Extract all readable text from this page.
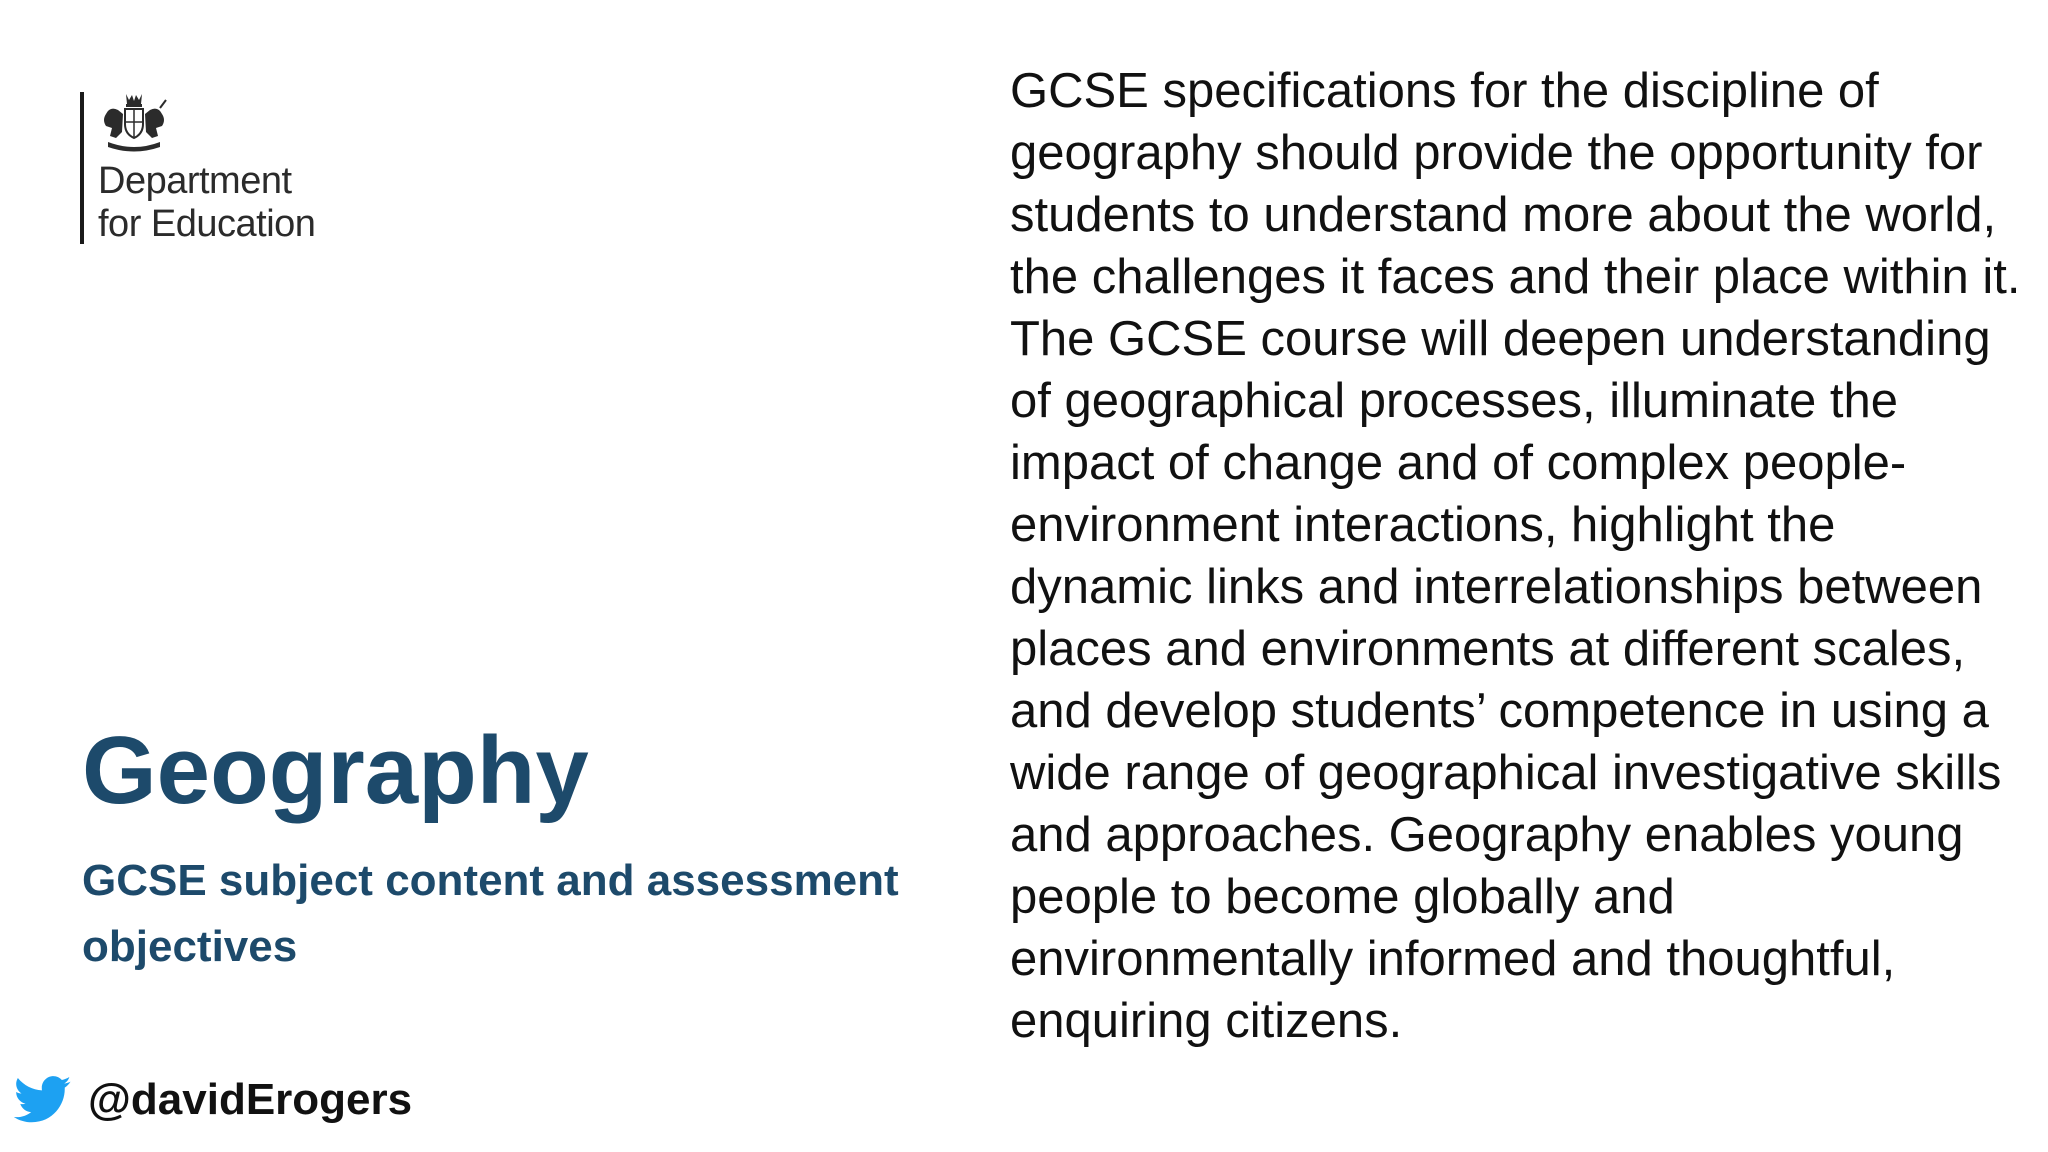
Department
for Education
Geography

GCSE subject content and assessment objectives

@davidErogers

GCSE specifications for the discipline of geography should provide the opportunity for students to understand more about the world, the challenges it faces and their place within it. The GCSE course will deepen understanding of geographical processes, illuminate the impact of change and of complex people-environment interactions, highlight the dynamic links and interrelationships between places and environments at different scales, and develop students’ competence in using a wide range of geographical investigative skills and approaches. Geography enables young people to become globally and environmentally informed and thoughtful, enquiring citizens.
